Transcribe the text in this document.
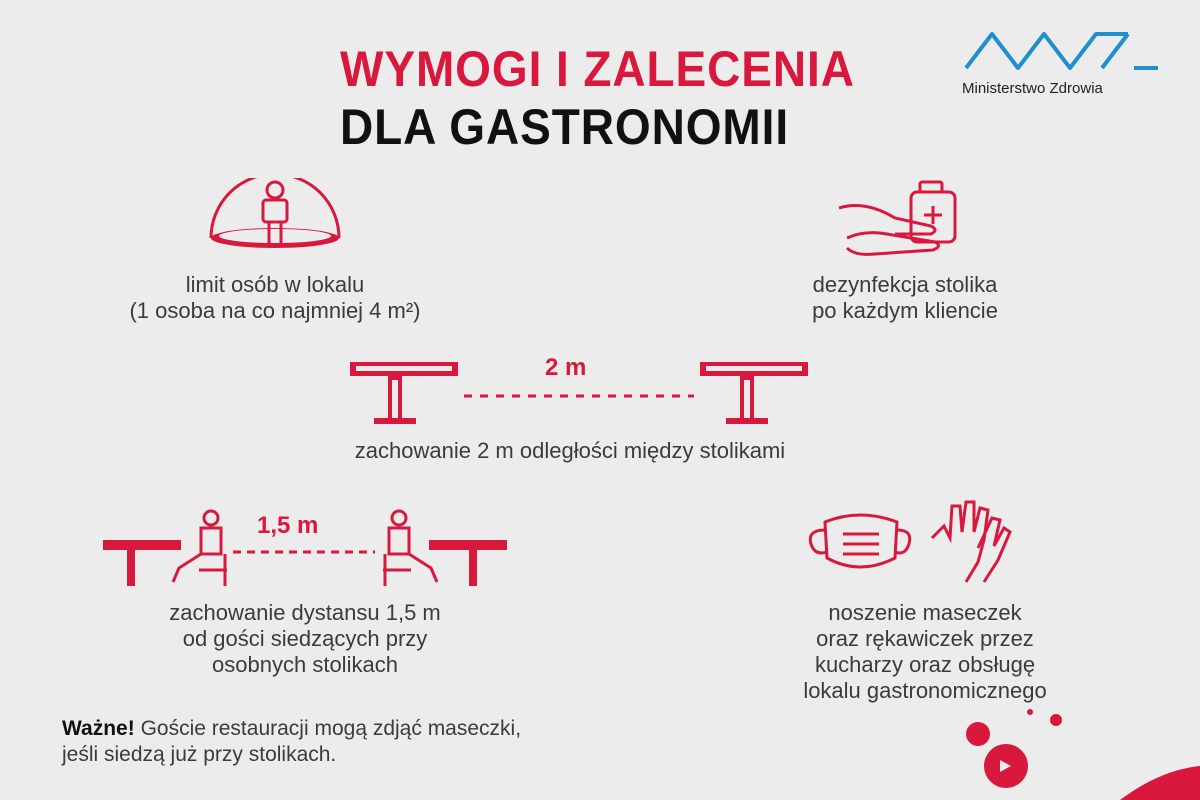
WYMOGI I ZALECENIA
DLA GASTRONOMII
Ministerstwo Zdrowia
limit osób w lokalu
(1 osoba na co najmniej 4 m²)
dezynfekcja stolika
po każdym kliencie
2 m
zachowanie 2 m odległości między stolikami
1,5 m
zachowanie dystansu 1,5 m
od gości siedzących przy
osobnych stolikach
noszenie maseczek
oraz rękawiczek przez
kucharzy oraz obsługę
lokalu gastronomicznego
Ważne! Goście restauracji mogą zdjąć maseczki,
jeśli siedzą już przy stolikach.
